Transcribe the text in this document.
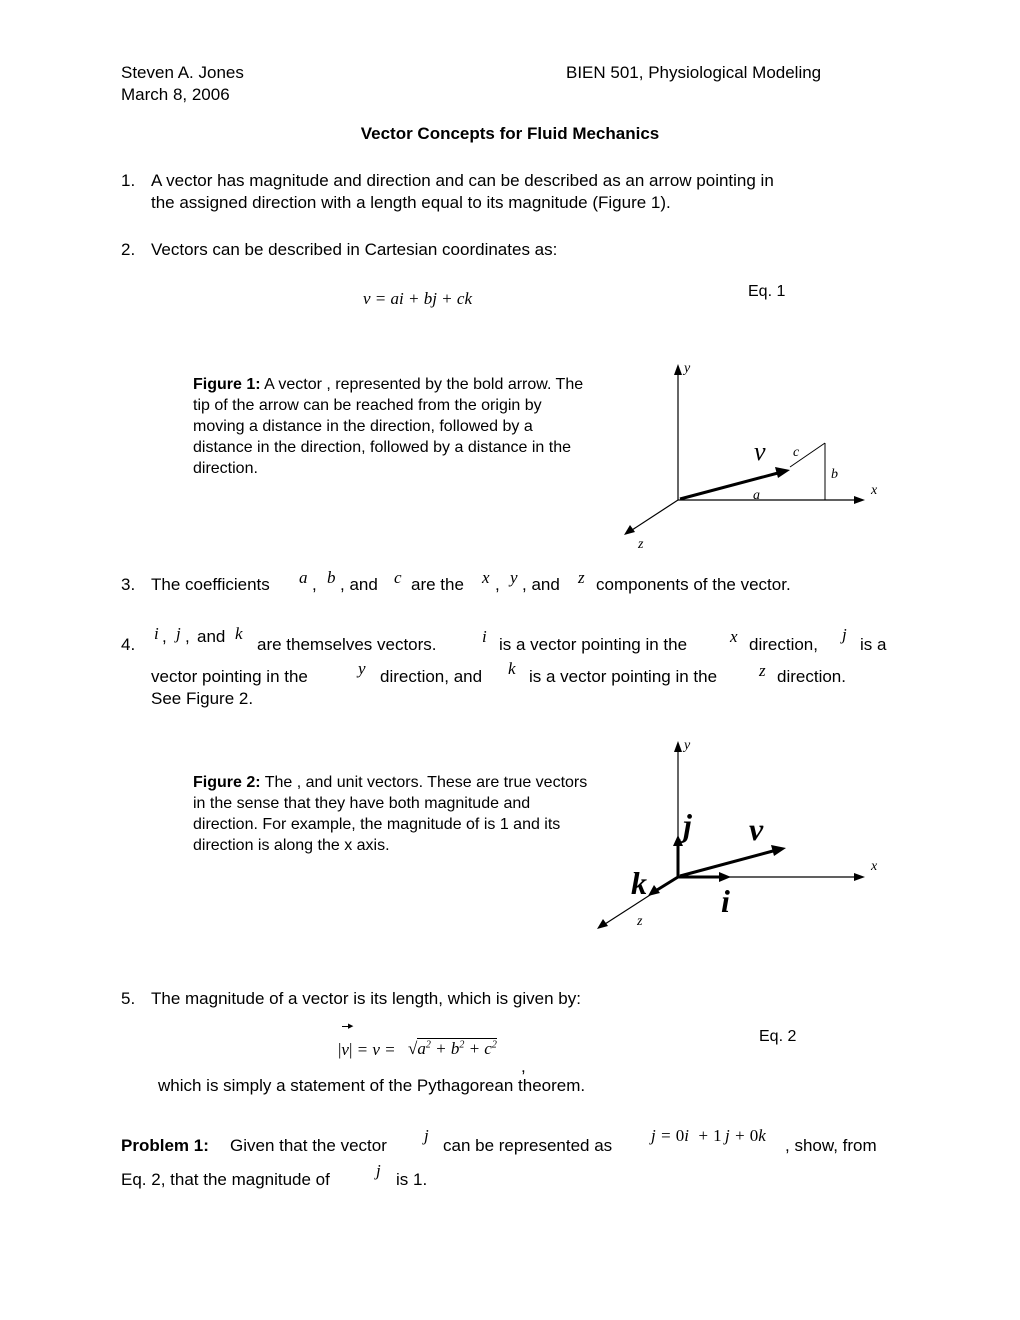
Steven A. Jones	BIEN 501, Physiological Modeling
March 8, 2006
Vector Concepts for Fluid Mechanics
1. A vector has magnitude and direction and can be described as an arrow pointing in
the assigned direction with a length equal to its magnitude (Figure 1).
2. Vectors can be described in Cartesian coordinates as:
v = ai + bj + ck	Eq. 1
Figure 1: A vector , represented by the bold arrow. The tip of the arrow can be reached from the origin by moving a distance in the direction, followed by a distance in the direction, followed by a distance in the direction.
y
x
z
v c
b
a
3. The coefficients a , b , and c are the x , y , and z components of the vector.
4.
i , j , and k
are themselves vectors.	i is a vector pointing in the	x direction,
j
is a
vector pointing in the	y direction, and k is a vector pointing in the z direction.
See Figure 2.
Figure 2: The , and unit vectors. These are true vectors in the sense that they have both magnitude and direction. For example, the magnitude of is 1 and its direction is along the x axis.
y
x
z
j v
k i
5. The magnitude of a vector is its length, which is given by:
▶
$|v| = v = √a^2 + b^2 + c^2$
,
Eq. 2
which is simply a statement of the Pythagorean theorem.
Problem 1: Given that the vector
j
can be represented as
j = 0i  + 1 j + 0k
, show, from
Eq. 2, that the magnitude of	j is 1.
